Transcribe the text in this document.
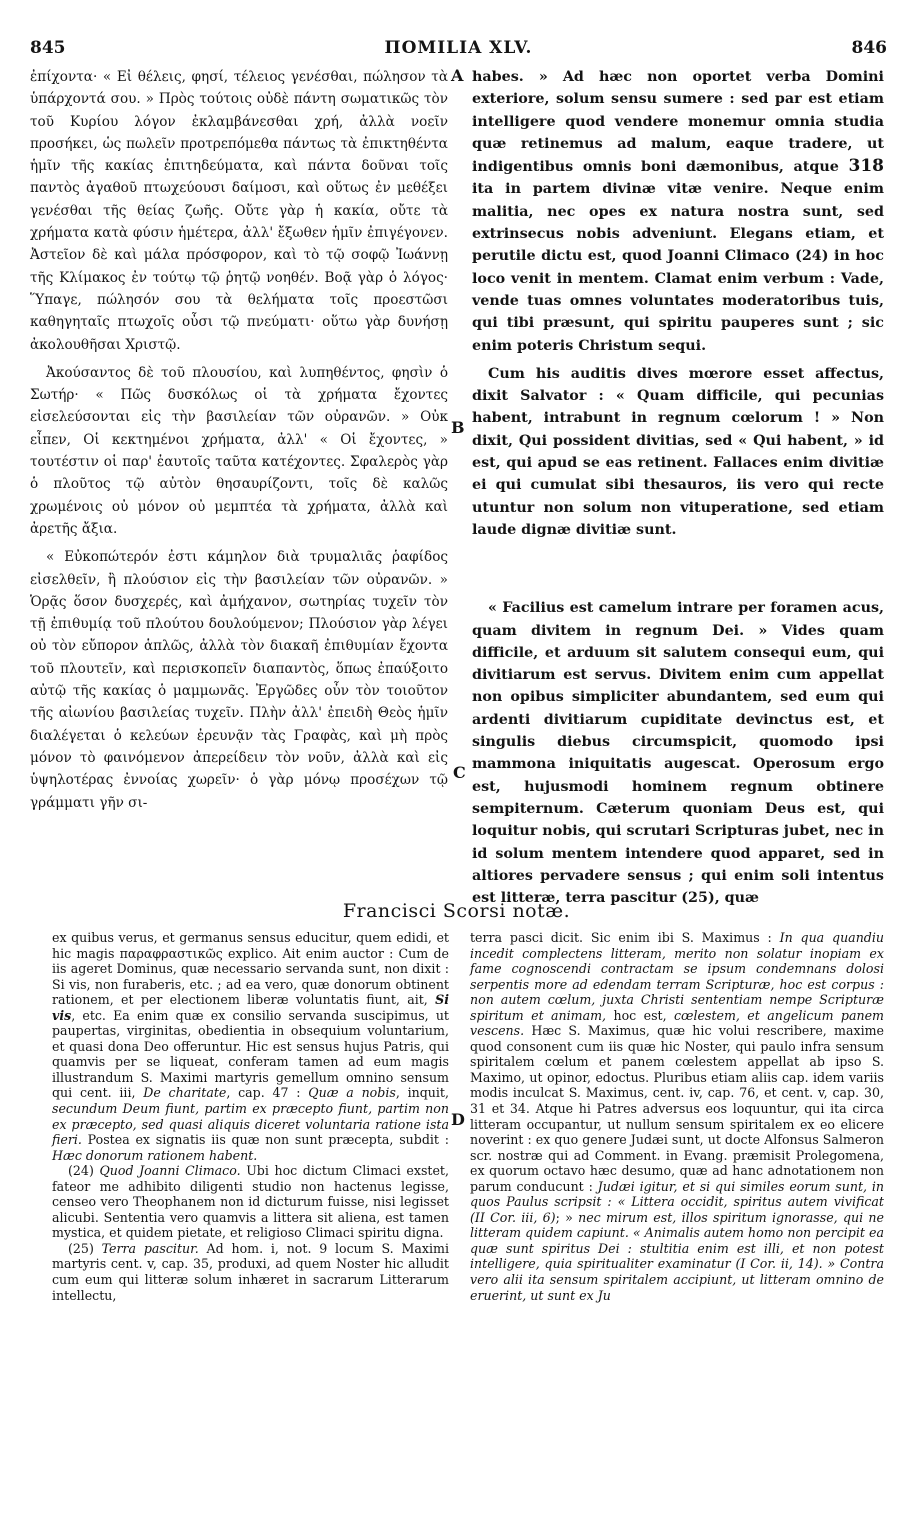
845	ΠΟΜΙLΙΑ XLV.	846

ἐπίχοντα· « Εἰ θέλεις, φησί, τέλειος γενέσθαι, πώλησον τὰ ὑπάρχοντά σου. » Πρὸς τούτοις οὐδὲ πάντη σωματικῶς τὸν τοῦ Κυρίου λόγον ἐκλαμβάνεσθαι χρή, ἀλλὰ νοεῖν προσήκει, ὡς πωλεῖν προτρεπόμεθα πάντως τὰ ἐπικτηθέντα ἡμῖν τῆς κακίας ἐπιτηδεύματα, καὶ πάντα δοῦναι τοῖς παντὸς ἀγαθοῦ πτωχεύουσι δαίμοσι, καὶ οὕτως ἐν μεθέξει γενέσθαι τῆς θείας ζωῆς. Οὔτε γὰρ ἡ κακία, οὔτε τὰ χρήματα κατὰ φύσιν ἡμέτερα, ἀλλ' ἔξωθεν ἡμῖν ἐπιγέγονεν. Ἀστεῖον δὲ καὶ μάλα πρόσφορον, καὶ τὸ τῷ σοφῷ Ἰωάννῃ τῆς Κλίμακος ἐν τούτῳ τῷ ῥητῷ νοηθέν. Βοᾷ γὰρ ὁ λόγος· Ὕπαγε, πώλησόν σου τὰ θελήματα τοῖς προεστῶσι καθηγηταῖς πτωχοῖς οὖσι τῷ πνεύματι· οὕτω γὰρ δυνήσῃ ἀκολουθῆσαι Χριστῷ.

Ἀκούσαντος δὲ τοῦ πλουσίου, καὶ λυπηθέντος, φησὶν ὁ Σωτήρ· « Πῶς δυσκόλως οἱ τὰ χρήματα ἔχοντες εἰσελεύσονται εἰς τὴν βασιλείαν τῶν οὐρανῶν. » Οὐκ εἶπεν, Οἱ κεκτημένοι χρήματα, ἀλλ' « Οἱ ἔχοντες, » τουτέστιν οἱ παρ' ἑαυτοῖς ταῦτα κατέχοντες. Σφαλερὸς γὰρ ὁ πλοῦτος τῷ αὐτὸν θησαυρίζοντι, τοῖς δὲ καλῶς χρωμένοις οὐ μόνον οὐ μεμπτέα τὰ χρήματα, ἀλλὰ καὶ ἀρετῆς ἄξια.

« Εὐκοπώτερόν ἐστι κάμηλον διὰ τρυμαλιᾶς ῥαφίδος εἰσελθεῖν, ἢ πλούσιον εἰς τὴν βασιλείαν τῶν οὐρανῶν. » Ὁρᾷς ὅσον δυσχερές, καὶ ἀμήχανον, σωτηρίας τυχεῖν τὸν τῇ ἐπιθυμίᾳ τοῦ πλούτου δουλούμενον; Πλούσιον γὰρ λέγει οὐ τὸν εὔπορον ἁπλῶς, ἀλλὰ τὸν διακαῆ ἐπιθυμίαν ἔχοντα τοῦ πλουτεῖν, καὶ περισκοπεῖν διαπαντὸς, ὅπως ἐπαύξοιτο αὐτῷ τῆς κακίας ὁ μαμμωνᾶς. Ἐργῶδες οὖν τὸν τοιοῦτον τῆς αἰωνίου βασιλείας τυχεῖν. Πλὴν ἀλλ' ἐπειδὴ Θεὸς ἡμῖν διαλέγεται ὁ κελεύων ἐρευνᾷν τὰς Γραφὰς, καὶ μὴ πρὸς μόνον τὸ φαινόμενον ἀπερείδειν τὸν νοῦν, ἀλλὰ καὶ εἰς ὑψηλοτέρας ἐννοίας χωρεῖν· ὁ γὰρ μόνῳ προσέχων τῷ γράμματι γῆν σι-

A
B
C
D

habes. » Ad hæc non oportet verba Domini exteriore, solum sensu sumere : sed par est etiam intelligere quod vendere monemur omnia studia quæ retinemus ad malum, eaque tradere, ut indigentibus omnis boni dæmonibus, atque 318 ita in partem divinæ vitæ venire. Neque enim malitia, nec opes ex natura nostra sunt, sed extrinsecus nobis adveniunt. Elegans etiam, et perutile dictu est, quod Joanni Climaco (24) in hoc loco venit in mentem. Clamat enim verbum : Vade, vende tuas omnes voluntates moderatoribus tuis, qui tibi præsunt, qui spiritu pauperes sunt ; sic enim poteris Christum sequi.

Cum his auditis dives mœrore esset affectus, dixit Salvator : « Quam difficile, qui pecunias habent, intrabunt in regnum cœlorum ! » Non dixit, Qui possident divitias, sed « Qui habent, » id est, qui apud se eas retinent. Fallaces enim divitiæ ei qui cumulat sibi thesauros, iis vero qui recte utuntur non solum non vituperatione, sed etiam laude dignæ divitiæ sunt.

« Facilius est camelum intrare per foramen acus, quam divitem in regnum Dei. » Vides quam difficile, et arduum sit salutem consequi eum, qui divitiarum est servus. Divitem enim cum appellat non opibus simpliciter abundantem, sed eum qui ardenti divitiarum cupiditate devinctus est, et singulis diebus circumspicit, quomodo ipsi mammona iniquitatis augescat. Operosum ergo est, hujusmodi hominem regnum obtinere sempiternum. Cæterum quoniam Deus est, qui loquitur nobis, qui scrutari Scripturas jubet, nec in id solum mentem intendere quod apparet, sed in altiores pervadere sensus ; qui enim soli intentus est litteræ, terra pascitur (25), quæ

Francisci Scorsi notæ.

ex quibus verus, et germanus sensus educitur, quem edidi, et hic magis παραφραστικῶς explico. Ait enim auctor : Cum de iis ageret Dominus, quæ necessario servanda sunt, non dixit : Si vis, non furaberis, etc. ; ad ea vero, quæ donorum obtinent rationem, et per electionem liberæ voluntatis fiunt, ait, Si vis, etc. Ea enim quæ ex consilio servanda suscipimus, ut paupertas, virginitas, obedientia in obsequium voluntarium, et quasi dona Deo offeruntur. Hic est sensus hujus Patris, qui quamvis per se liqueat, conferam tamen ad eum magis illustrandum S. Maximi martyris gemellum omnino sensum qui cent. iii, De charitate, cap. 47 : Quæ a nobis, inquit, secundum Deum fiunt, partim ex præcepto fiunt, partim non ex præcepto, sed quasi aliquis diceret voluntaria ratione ista fieri. Postea ex signatis iis quæ non sunt præcepta, subdit : Hæc donorum rationem habent.

(24) Quod Joanni Climaco. Ubi hoc dictum Climaci exstet, fateor me adhibito diligenti studio non hactenus legisse, censeo vero Theophanem non id dicturum fuisse, nisi legisset alicubi. Sententia vero quamvis a littera sit aliena, est tamen mystica, et quidem pietate, et religioso Climaci spiritu digna.

(25) Terra pascitur. Ad hom. i, not. 9 locum S. Maximi martyris cent. v, cap. 35, produxi, ad quem Noster hic alludit cum eum qui litteræ solum inhæret in sacrarum Litterarum intellectu,

terra pasci dicit. Sic enim ibi S. Maximus : In qua quandiu incedit complectens litteram, merito non solatur inopiam ex fame cognoscendi contractam se ipsum condemnans dolosi serpentis more ad edendam terram Scripturæ, hoc est corpus : non autem cœlum, juxta Christi sententiam nempe Scripturæ spiritum et animam, hoc est, cœlestem, et angelicum panem vescens. Hæc S. Maximus, quæ hic volui rescribere, maxime quod consonent cum iis quæ hic Noster, qui paulo infra sensum spiritalem cœlum et panem cœlestem appellat ab ipso S. Maximo, ut opinor, edoctus. Pluribus etiam aliis cap. idem variis modis inculcat S. Maximus, cent. iv, cap. 76, et cent. v, cap. 30, 31 et 34. Atque hi Patres adversus eos loquuntur, qui ita circa litteram occupantur, ut nullum sensum spiritalem ex eo elicere noverint : ex quo genere Judæi sunt, ut docte Alfonsus Salmeron scr. nostræ qui ad Comment. in Evang. præmisit Prolegomena, ex quorum octavo hæc desumo, quæ ad hanc adnotationem non parum conducunt : Judæi igitur, et si qui similes eorum sunt, in quos Paulus scripsit : « Littera occidit, spiritus autem vivificat (II Cor. iii, 6); » nec mirum est, illos spiritum ignorasse, qui ne litteram quidem capiunt. « Animalis autem homo non percipit ea quæ sunt spiritus Dei : stultitia enim est illi, et non potest intelligere, quia spiritualiter examinatur (I Cor. ii, 14). » Contra vero alii ita sensum spiritalem accipiunt, ut litteram omnino de eruerint, ut sunt ex Ju
